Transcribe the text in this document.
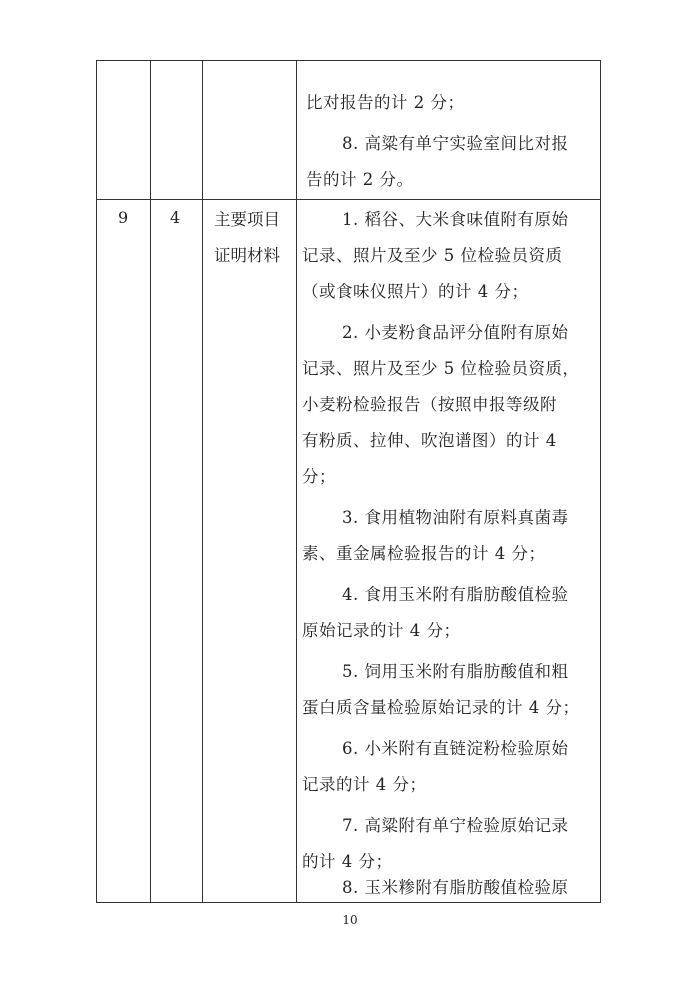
比对报告的计 2 分；
8. 高粱有单宁实验室间比对报
告的计 2 分。
9	4 主要项目
证明材料
1. 稻谷、大米食味值附有原始
记录、照片及至少 5 位检验员资质
（或食味仪照片）的计 4 分；
2. 小麦粉食品评分值附有原始
记录、照片及至少 5 位检验员资质，
小麦粉检验报告（按照申报等级附
有粉质、拉伸、吹泡谱图）的计 4
分；
3. 食用植物油附有原料真菌毒
素、重金属检验报告的计 4 分；
4. 食用玉米附有脂肪酸值检验
原始记录的计 4 分；
5. 饲用玉米附有脂肪酸值和粗
蛋白质含量检验原始记录的计 4 分；
6. 小米附有直链淀粉检验原始
记录的计 4 分；
7. 高粱附有单宁检验原始记录
的计 4 分；
8. 玉米糁附有脂肪酸值检验原
10
